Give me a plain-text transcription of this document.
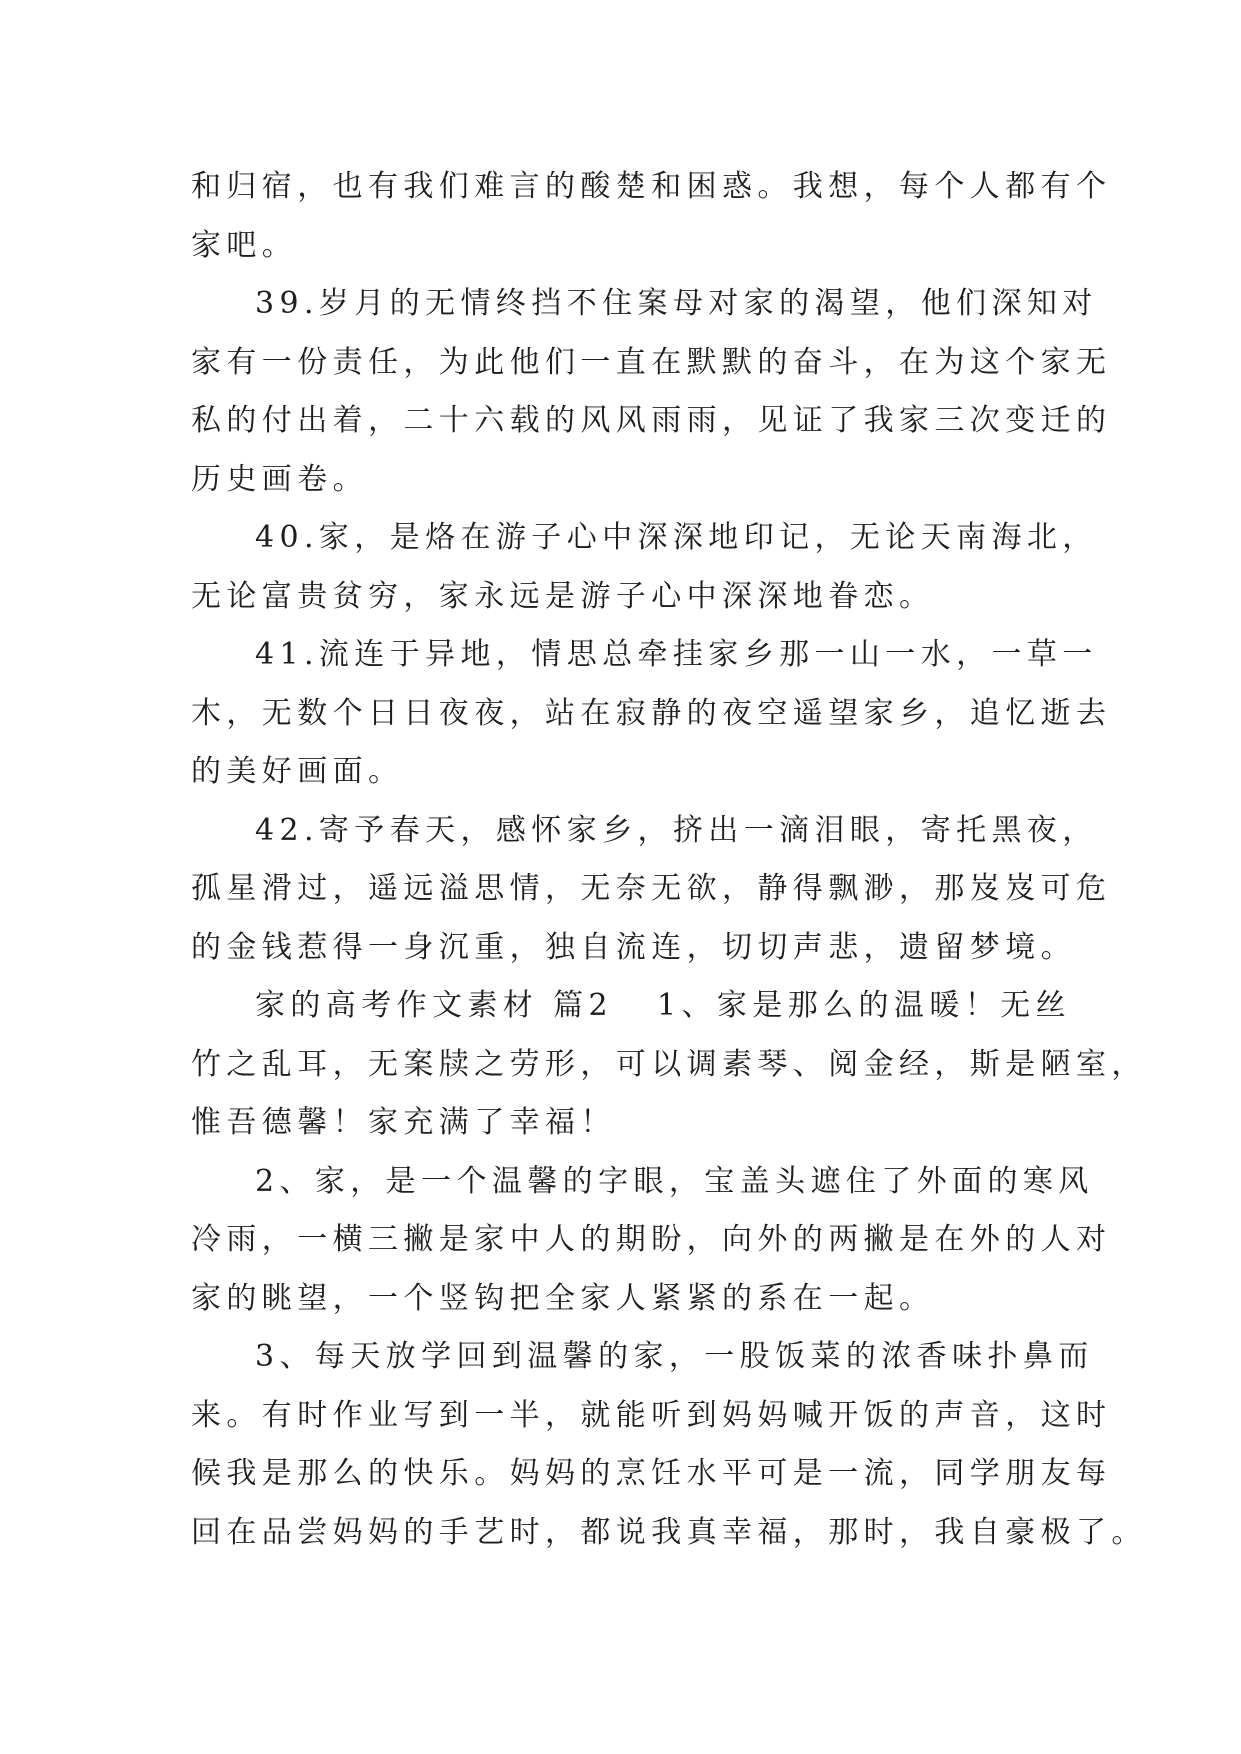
和归宿，也有我们难言的酸楚和困惑。我想，每个人都有个
家吧。

39.岁月的无情终挡不住案母对家的渴望，他们深知对
家有一份责任，为此他们一直在默默的奋斗，在为这个家无
私的付出着，二十六载的风风雨雨，见证了我家三次变迁的
历史画卷。

40.家，是烙在游子心中深深地印记，无论天南海北，
无论富贵贫穷，家永远是游子心中深深地眷恋。

41.流连于异地，情思总牵挂家乡那一山一水，一草一
木，无数个日日夜夜，站在寂静的夜空遥望家乡，追忆逝去
的美好画面。

42.寄予春天，感怀家乡，挤出一滴泪眼，寄托黑夜，
孤星滑过，遥远溢思情，无奈无欲，静得飘渺，那岌岌可危
的金钱惹得一身沉重，独自流连，切切声悲，遗留梦境。

家的高考作文素材 篇2 1、家是那么的温暖！无丝
竹之乱耳，无案牍之劳形，可以调素琴、阅金经，斯是陋室，
惟吾德馨！家充满了幸福！

2、家，是一个温馨的字眼，宝盖头遮住了外面的寒风
冷雨，一横三撇是家中人的期盼，向外的两撇是在外的人对
家的眺望，一个竖钩把全家人紧紧的系在一起。

3、每天放学回到温馨的家，一股饭菜的浓香味扑鼻而
来。有时作业写到一半，就能听到妈妈喊开饭的声音，这时
候我是那么的快乐。妈妈的烹饪水平可是一流，同学朋友每
回在品尝妈妈的手艺时，都说我真幸福，那时，我自豪极了。
